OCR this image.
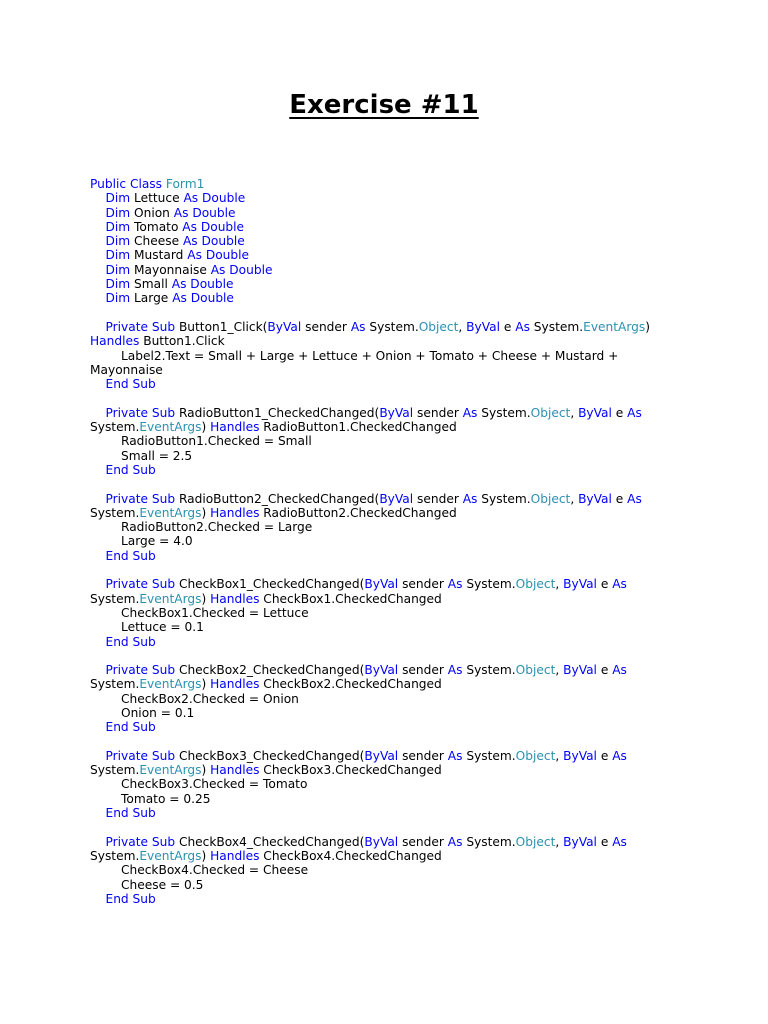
Exercise #11
Public Class Form1
Dim Lettuce As Double
Dim Onion As Double
Dim Tomato As Double
Dim Cheese As Double
Dim Mustard As Double
Dim Mayonnaise As Double
Dim Small As Double
Dim Large As Double
Private Sub Button1_Click(ByVal sender As System.Object, ByVal e As System.EventArgs)
Handles Button1.Click
Label2.Text = Small + Large + Lettuce + Onion + Tomato + Cheese + Mustard +
Mayonnaise
End Sub
Private Sub RadioButton1_CheckedChanged(ByVal sender As System.Object, ByVal e As
System.EventArgs) Handles RadioButton1.CheckedChanged
RadioButton1.Checked = Small
Small = 2.5
End Sub
Private Sub RadioButton2_CheckedChanged(ByVal sender As System.Object, ByVal e As
System.EventArgs) Handles RadioButton2.CheckedChanged
RadioButton2.Checked = Large
Large = 4.0
End Sub
Private Sub CheckBox1_CheckedChanged(ByVal sender As System.Object, ByVal e As
System.EventArgs) Handles CheckBox1.CheckedChanged
CheckBox1.Checked = Lettuce
Lettuce = 0.1
End Sub
Private Sub CheckBox2_CheckedChanged(ByVal sender As System.Object, ByVal e As
System.EventArgs) Handles CheckBox2.CheckedChanged
CheckBox2.Checked = Onion
Onion = 0.1
End Sub
Private Sub CheckBox3_CheckedChanged(ByVal sender As System.Object, ByVal e As
System.EventArgs) Handles CheckBox3.CheckedChanged
CheckBox3.Checked = Tomato
Tomato = 0.25
End Sub
Private Sub CheckBox4_CheckedChanged(ByVal sender As System.Object, ByVal e As
System.EventArgs) Handles CheckBox4.CheckedChanged
CheckBox4.Checked = Cheese
Cheese = 0.5
End Sub
